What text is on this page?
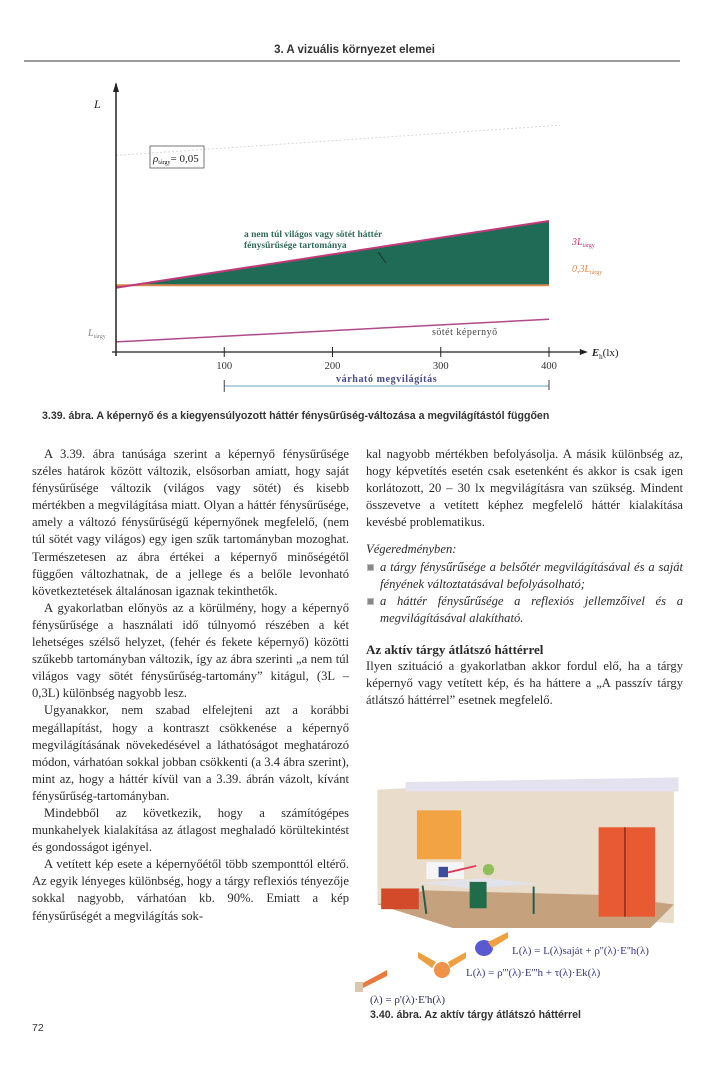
3. A vizuális környezet elemei
L
$E_h(lx)$
100	200	300	400
ρtárgy= 0,05
a nem túl világos vagy sötét háttér
fénysűrűsége tartománya	$3L_{tárgy}$
$0,3L_{tárgy}$
$L_{tárgy}$	sötét képernyő
várható megvilágítás
3.39. ábra. A képernyő és a kiegyensúlyozott háttér fénysűrűség-változása a megvilágítástól függően

A 3.39. ábra tanúsága szerint a képernyő fénysűrűsége széles határok között változik, elsősorban amiatt, hogy saját fénysűrűsége változik (világos vagy sötét) és kisebb mértékben a megvilágítása miatt. Olyan a háttér fénysűrűsége, amely a változó fénysűrűségű képernyőnek megfelelő, (nem túl sötét vagy világos) egy igen szűk tartományban mozoghat. Természetesen az ábra értékei a képernyő minőségétől függően változhatnak, de a jellege és a belőle levonható következtetések általánosan igaznak tekinthetők.

A gyakorlatban előnyös az a körülmény, hogy a képernyő fénysűrűsége a használati idő túlnyomó részében a két lehetséges szélső helyzet, (fehér és fekete képernyő) közötti szűkebb tartományban változik, így az ábra szerinti „a nem túl világos vagy sötét fénysűrűség-tartomány” kitágul, (3L – 0,3L) különbség nagyobb lesz.

Ugyanakkor, nem szabad elfelejteni azt a korábbi megállapítást, hogy a kontraszt csökkenése a képernyő megvilágításának növekedésével a láthatóságot meghatározó módon, várhatóan sokkal jobban csökkenti (a 3.4 ábra szerint), mint az, hogy a háttér kívül van a 3.39. ábrán vázolt, kívánt fénysűrűség-tartományban.

Mindebből az következik, hogy a számítógépes munkahelyek kialakítása az átlagost meghaladó körültekintést és gondosságot igényel.

A vetített kép esete a képernyőétől több szemponttól eltérő. Az egyik lényeges különbség, hogy a tárgy reflexiós tényezője sokkal nagyobb, várhatóan kb. 90%. Emiatt a kép fénysűrűségét a megvilágítás sok-

kal nagyobb mértékben befolyásolja. A másik különbség az, hogy képvetítés esetén csak esetenként és akkor is csak igen korlátozott, 20 – 30 lx megvilágításra van szükség. Mindent összevetve a vetített képhez megfelelő háttér kialakítása kevésbé problematikus.

Végeredményben:

a tárgy fénysűrűsége a belsőtér megvilágításával és a saját fényének változtatásával befolyásolható;
a háttér fénysűrűsége a reflexiós jellemzőivel és a megvilágításával alakítható.

Az aktív tárgy átlátszó háttérrel

Ilyen szituáció a gyakorlatban akkor fordul elő, ha a tárgy képernyő vagy vetített kép, és ha háttere a „A passzív tárgy átlátszó háttérrel” esetnek megfelelő.

L(λ) = L(λ)saját + ρ''(λ)·E''h(λ)
L(λ) = ρ'''(λ)·E'''h + τ(λ)·Ek(λ)
(λ) = ρ'(λ)·E'h(λ)
3.40. ábra. Az aktív tárgy átlátszó háttérrel
72
